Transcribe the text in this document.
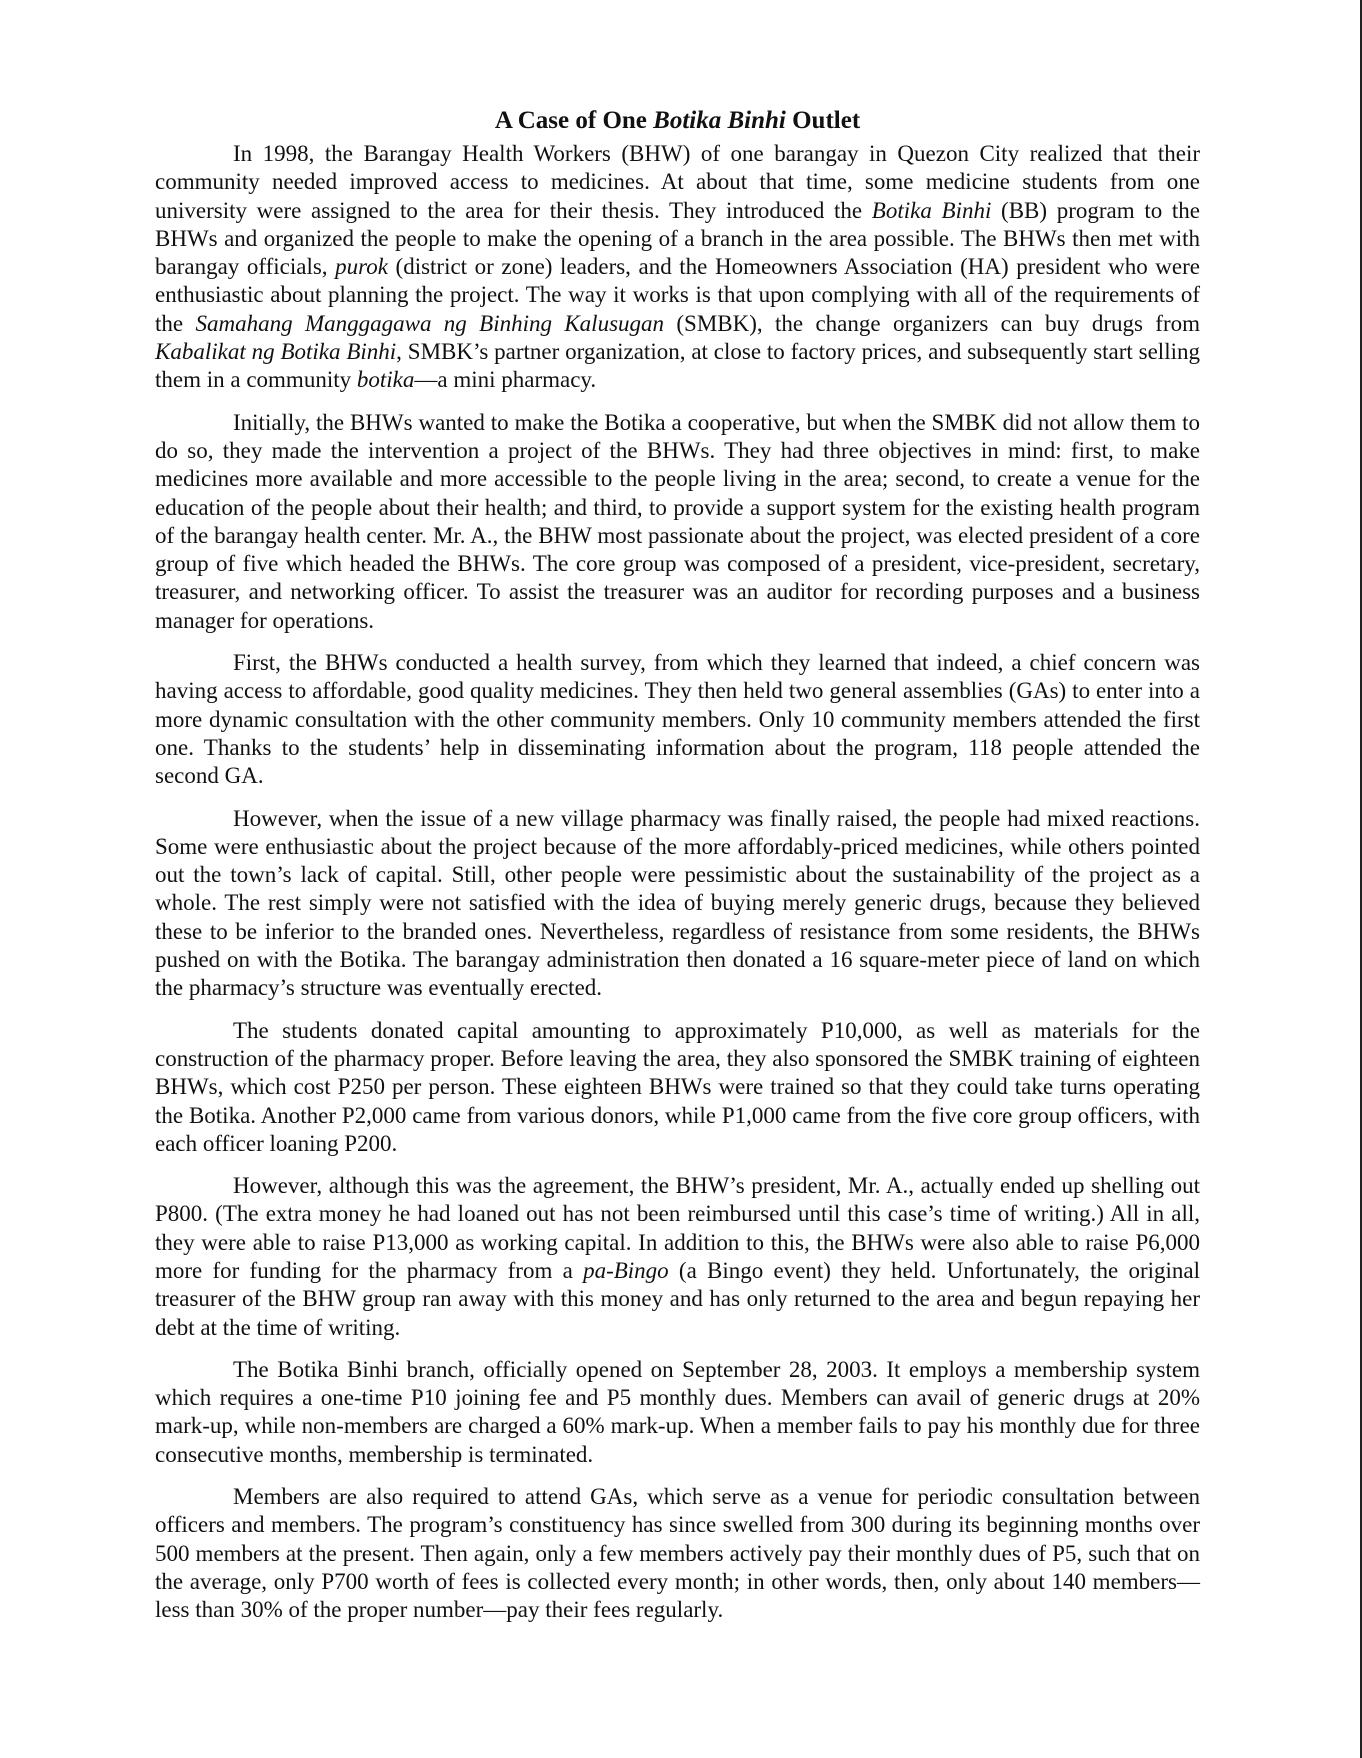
A Case of One Botika Binhi Outlet

In 1998, the Barangay Health Workers (BHW) of one barangay in Quezon City realized that their community needed improved access to medicines. At about that time, some medicine students from one university were assigned to the area for their thesis. They introduced the Botika Binhi (BB) program to the BHWs and organized the people to make the opening of a branch in the area possible. The BHWs then met with barangay officials, purok (district or zone) leaders, and the Homeowners Association (HA) president who were enthusiastic about planning the project. The way it works is that upon complying with all of the requirements of the Samahang Manggagawa ng Binhing Kalusugan (SMBK), the change organizers can buy drugs from Kabalikat ng Botika Binhi, SMBK’s partner organization, at close to factory prices, and subsequently start selling them in a community botika—a mini pharmacy.

Initially, the BHWs wanted to make the Botika a cooperative, but when the SMBK did not allow them to do so, they made the intervention a project of the BHWs. They had three objectives in mind: first, to make medicines more available and more accessible to the people living in the area; second, to create a venue for the education of the people about their health; and third, to provide a support system for the existing health program of the barangay health center. Mr. A., the BHW most passionate about the project, was elected president of a core group of five which headed the BHWs. The core group was composed of a president, vice-president, secretary, treasurer, and networking officer. To assist the treasurer was an auditor for recording purposes and a business manager for operations.

First, the BHWs conducted a health survey, from which they learned that indeed, a chief concern was having access to affordable, good quality medicines. They then held two general assemblies (GAs) to enter into a more dynamic consultation with the other community members. Only 10 community members attended the first one. Thanks to the students’ help in disseminating information about the program, 118 people attended the second GA.

However, when the issue of a new village pharmacy was finally raised, the people had mixed reactions. Some were enthusiastic about the project because of the more affordably-priced medicines, while others pointed out the town’s lack of capital. Still, other people were pessimistic about the sustainability of the project as a whole. The rest simply were not satisfied with the idea of buying merely generic drugs, because they believed these to be inferior to the branded ones. Nevertheless, regardless of resistance from some residents, the BHWs pushed on with the Botika. The barangay administration then donated a 16 square-meter piece of land on which the pharmacy’s structure was eventually erected.

The students donated capital amounting to approximately P10,000, as well as materials for the construction of the pharmacy proper. Before leaving the area, they also sponsored the SMBK training of eighteen BHWs, which cost P250 per person. These eighteen BHWs were trained so that they could take turns operating the Botika. Another P2,000 came from various donors, while P1,000 came from the five core group officers, with each officer loaning P200.

However, although this was the agreement, the BHW’s president, Mr. A., actually ended up shelling out P800. (The extra money he had loaned out has not been reimbursed until this case’s time of writing.) All in all, they were able to raise P13,000 as working capital. In addition to this, the BHWs were also able to raise P6,000 more for funding for the pharmacy from a pa-Bingo (a Bingo event) they held. Unfortunately, the original treasurer of the BHW group ran away with this money and has only returned to the area and begun repaying her debt at the time of writing.

The Botika Binhi branch, officially opened on September 28, 2003. It employs a membership system which requires a one-time P10 joining fee and P5 monthly dues. Members can avail of generic drugs at 20% mark-up, while non-members are charged a 60% mark-up. When a member fails to pay his monthly due for three consecutive months, membership is terminated.

Members are also required to attend GAs, which serve as a venue for periodic consultation between officers and members. The program’s constituency has since swelled from 300 during its beginning months over 500 members at the present. Then again, only a few members actively pay their monthly dues of P5, such that on the average, only P700 worth of fees is collected every month; in other words, then, only about 140 members—less than 30% of the proper number—pay their fees regularly.
